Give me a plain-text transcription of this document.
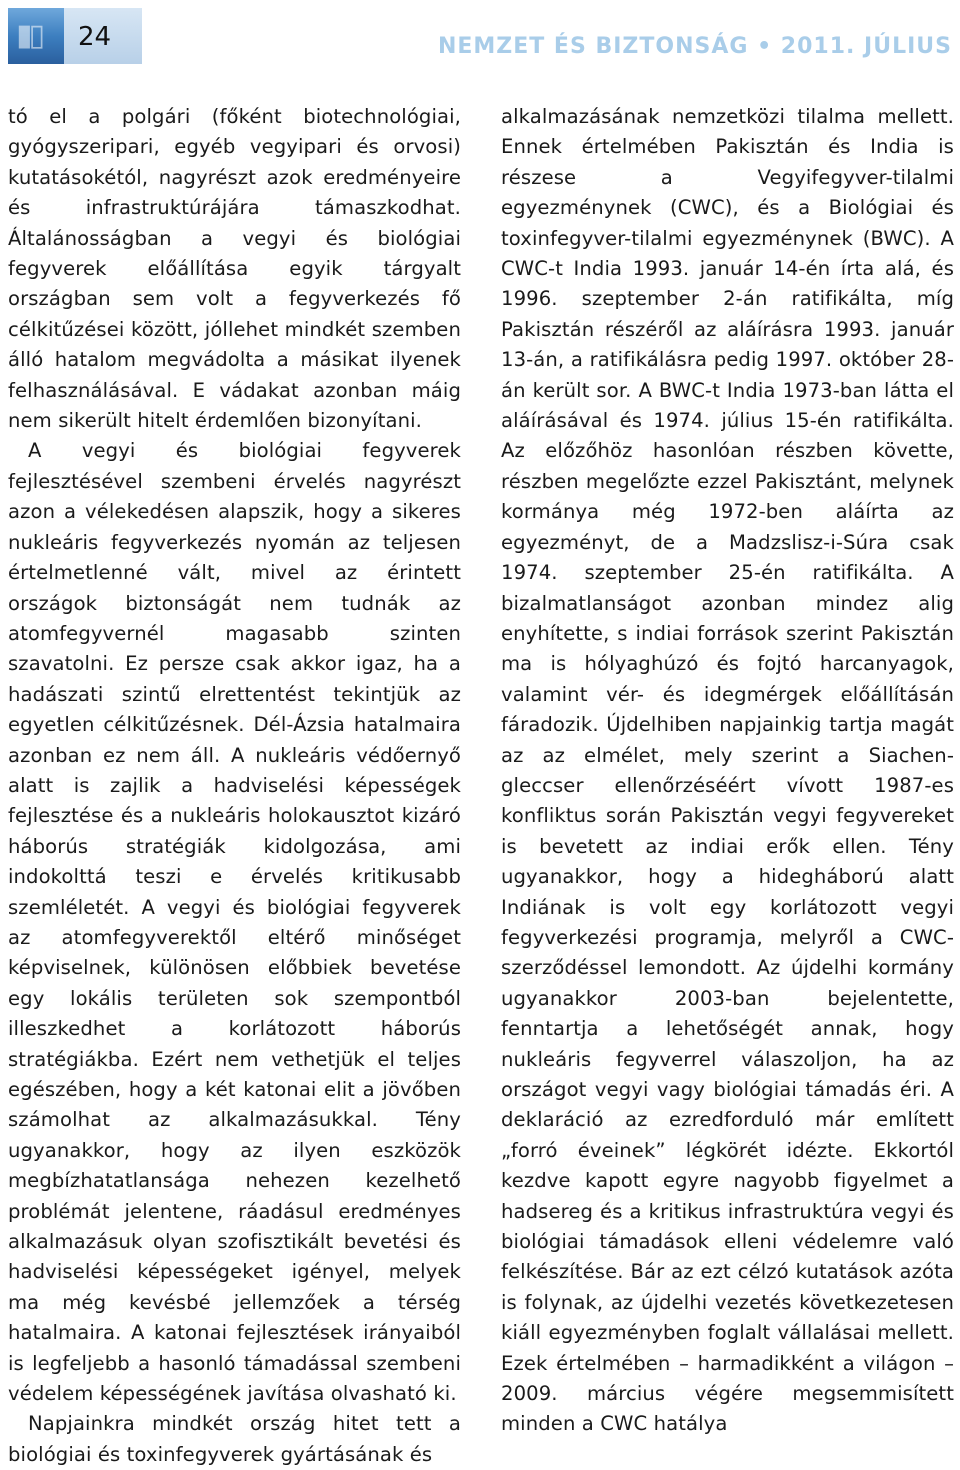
▮▯	24	NEMZET ÉS BIZTONSÁG • 2011. JÚLIUS

tó el a polgári (főként biotechnológiai, gyógyszeripari, egyéb vegyipari és orvosi) kutatásokétól, nagyrészt azok eredményeire és infrastruktúrájára támaszkodhat. Általánosságban a vegyi és biológiai fegyverek előállítása egyik tárgyalt országban sem volt a fegyverkezés fő célkitűzései között, jóllehet mindkét szemben álló hatalom megvádolta a másikat ilyenek felhasználásával. E vádakat azonban máig nem sikerült hitelt érdemlően bizonyítani.

A vegyi és biológiai fegyverek fejlesztésével szembeni érvelés nagyrészt azon a vélekedésen alapszik, hogy a sikeres nukleáris fegyverkezés nyomán az teljesen értelmetlenné vált, mivel az érintett országok biztonságát nem tudnák az atomfegyvernél magasabb szinten szavatolni. Ez persze csak akkor igaz, ha a hadászati szintű elrettentést tekintjük az egyetlen célkitűzésnek. Dél-Ázsia hatalmaira azonban ez nem áll. A nukleáris védőernyő alatt is zajlik a hadviselési képességek fejlesztése és a nukleáris holokausztot kizáró háborús stratégiák kidolgozása, ami indokolttá teszi e érvelés kritikusabb szemléletét. A vegyi és biológiai fegyverek az atomfegyverektől eltérő minőséget képviselnek, különösen előbbiek bevetése egy lokális területen sok szempontból illeszkedhet a korlátozott háborús stratégiákba. Ezért nem vethetjük el teljes egészében, hogy a két katonai elit a jövőben számolhat az alkalmazásukkal. Tény ugyanakkor, hogy az ilyen eszközök megbízhatatlansága nehezen kezelhető problémát jelentene, ráadásul eredményes alkalmazásuk olyan szofisztikált bevetési és hadviselési képességeket igényel, melyek ma még kevésbé jellemzőek a térség hatalmaira. A katonai fejlesztések irányaiból is legfeljebb a hasonló támadással szembeni védelem képességének javítása olvasható ki.

Napjainkra mindkét ország hitet tett a biológiai és toxinfegyverek gyártásának és

alkalmazásának nemzetközi tilalma mellett. Ennek értelmében Pakisztán és India is részese a Vegyifegyver-tilalmi egyezménynek (CWC), és a Biológiai és toxinfegyver-tilalmi egyezménynek (BWC). A CWC-t India 1993. január 14-én írta alá, és 1996. szeptember 2-án ratifikálta, míg Pakisztán részéről az aláírásra 1993. január 13-án, a ratifikálásra pedig 1997. október 28-án került sor. A BWC-t India 1973-ban látta el aláírásával és 1974. július 15-én ratifikálta. Az előzőhöz hasonlóan részben követte, részben megelőzte ezzel Pakisztánt, melynek kormánya még 1972-ben aláírta az egyezményt, de a Madzslisz-i-Súra csak 1974. szeptember 25-én ratifikálta. A bizalmatlanságot azonban mindez alig enyhítette, s indiai források szerint Pakisztán ma is hólyaghúzó és fojtó harcanyagok, valamint vér- és idegmérgek előállításán fáradozik. Újdelhiben napjainkig tartja magát az az elmélet, mely szerint a Siachen-gleccser ellenőrzéséért vívott 1987-es konfliktus során Pakisztán vegyi fegyvereket is bevetett az indiai erők ellen. Tény ugyanakkor, hogy a hidegháború alatt Indiának is volt egy korlátozott vegyi fegyverkezési programja, melyről a CWC-szerződéssel lemondott. Az újdelhi kormány ugyanakkor 2003-ban bejelentette, fenntartja a lehetőségét annak, hogy nukleáris fegyverrel válaszoljon, ha az országot vegyi vagy biológiai támadás éri. A deklaráció az ezredforduló már említett „forró éveinek” légkörét idézte. Ekkortól kezdve kapott egyre nagyobb figyelmet a hadsereg és a kritikus infrastruktúra vegyi és biológiai támadások elleni védelemre való felkészítése. Bár az ezt célzó kutatások azóta is folynak, az újdelhi vezetés következetesen kiáll egyezményben foglalt vállalásai mellett. Ezek értelmében – harmadikként a világon – 2009. március végére megsemmisített minden a CWC hatálya
